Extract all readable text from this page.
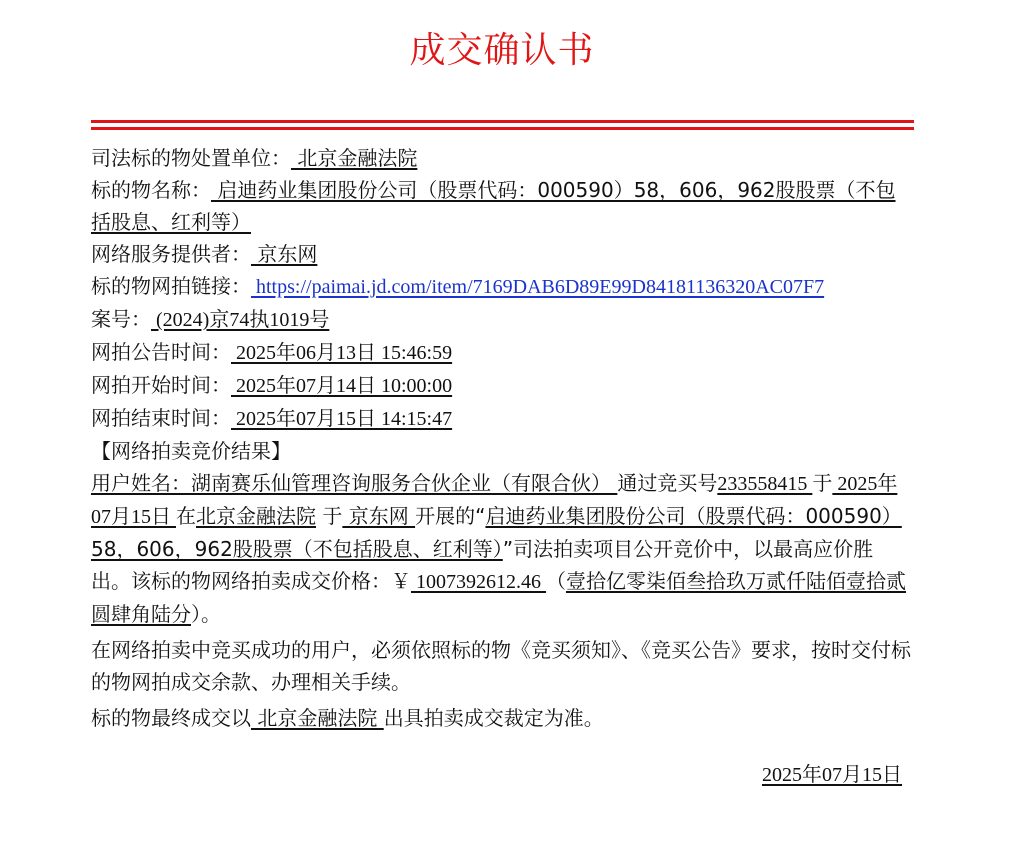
成交确认书
司法标的物处置单位： 北京金融法院
标的物名称： 启迪药业集团股份公司（股票代码：000590）58，606，962股股票（不包括股息、红利等）
网络服务提供者： 京东网
标的物网拍链接： https://paimai.jd.com/item/7169DAB6D89E99D84181136320AC07F7
案号： (2024)京74执1019号
网拍公告时间： 2025年06月13日 15:46:59
网拍开始时间： 2025年07月14日 10:00:00
网拍结束时间： 2025年07月15日 14:15:47
【网络拍卖竞价结果】
用户姓名：湖南赛乐仙管理咨询服务合伙企业（有限合伙） 通过竞买号233558415 于 2025年07月15日 在北京金融法院 于 京东网 开展的“启迪药业集团股份公司（股票代码：000590）58，606，962股股票（不包括股息、红利等）”司法拍卖项目公开竞价中，以最高应价胜出。该标的物网络拍卖成交价格：￥ 1007392612.46 （壹拾亿零柒佰叁拾玖万贰仟陆佰壹拾贰圆肆角陆分）。
在网络拍卖中竞买成功的用户，必须依照标的物《竞买须知》、《竞买公告》要求，按时交付标的物网拍成交余款、办理相关手续。
标的物最终成交以 北京金融法院 出具拍卖成交裁定为准。
2025年07月15日
